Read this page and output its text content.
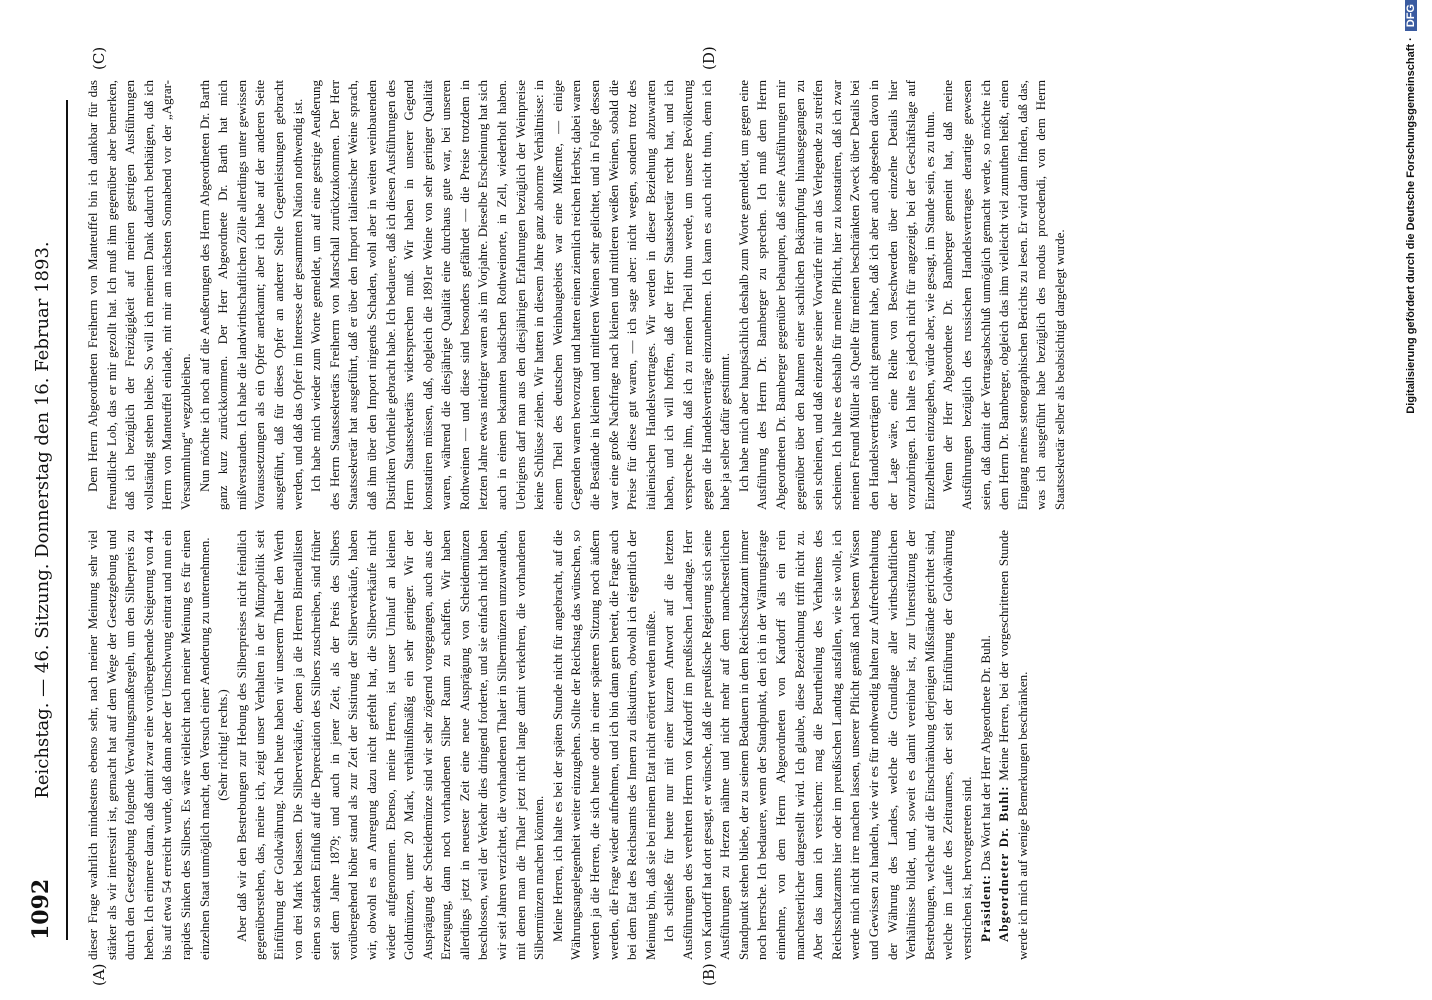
1092
Reichstag. — 46. Sitzung. Donnerstag den 16. Februar 1893.
(A)	(B)
(C)	(D)

dieser Frage wahrlich mindestens ebenso sehr, nach meiner Meinung sehr viel stärker als wir interessirt ist, gemacht hat auf dem Wege der Gesetzgebung und durch den Gesetzgebung folgende Verwaltungsmaßregeln, um den Silberpreis zu heben. Ich erinnere daran, daß damit zwar eine vorübergehende Steigerung von 44 bis auf etwa 54 erreicht wurde, daß dann aber der Umschwung eintrat und nun ein rapides Sinken des Silbers. Es wäre vielleicht nach meiner Meinung es für einen einzelnen Staat unmöglich macht, den Versuch einer Aenderung zu unternehmen. (Sehr richtig! rechts.) Aber daß wir den Bestrebungen zur Hebung des Silberpreises nicht feindlich gegenüberstehen, das, meine ich, zeigt unser Verhalten in der Münzpolitik seit Einführung der Goldwährung. Nach heute haben wir unserem Thaler den Werth von drei Mark belassen. Die Silberverkäufe, denen ja die Herren Bimetallisten einen so starken Einfluß auf die Depreciation des Silbers zuschreiben, sind früher seit dem Jahre 1879; und auch in jener Zeit, als der Preis des Silbers vorübergehend höher stand als zur Zeit der Sistirung der Silberverkäufe, haben wir, obwohl es an Anregung dazu nicht gefehlt hat, die Silberverkäufe nicht wieder aufgenommen. Ebenso, meine Herren, ist unser Umlauf an kleinen Goldmünzen, unter 20 Mark, verhältnißmäßig ein sehr geringer. Wir der Ausprägung der Scheidemünze sind wir sehr zögernd vorgegangen, auch aus der Erzeugung, dann noch vorhandenen Silber Raum zu schaffen. Wir haben allerdings jetzt in neuester Zeit eine neue Ausprägung von Scheidemünzen beschlossen, weil der Verkehr dies dringend forderte, und sie einfach nicht haben wir seit Jahren verzichtet, die vorhandenen Thaler in Silbermünzen umzuwandeln, mit denen man die Thaler jetzt nicht lange damit verkehren, die vorhandenen Silbermünzen machen könnten. Meine Herren, ich halte es bei der späten Stunde nicht für angebracht, auf die Währungsangelegenheit weiter einzugehen. Sollte der Reichstag das wünschen, so werden ja die Herren, die sich heute oder in einer späteren Sitzung noch äußern werden, die Frage wieder aufnehmen, und ich bin dann gern bereit, die Frage auch bei dem Etat des Reichsamts des Innern zu diskutiren, obwohl ich eigentlich der Meinung bin, daß sie bei meinem Etat nicht erörtert werden müßte. Ich schließe für heute nur mit einer kurzen Antwort auf die letzten Ausführungen des verehrten Herrn von Kardorff im preußischen Landtage. Herr von Kardorff hat dort gesagt, er wünsche, daß die preußische Regierung sich seine Ausführungen zu Herzen nähme und nicht mehr auf dem manchesterlichen Standpunkt stehen bliebe, der zu seinem Bedauern in dem Reichsschatzamt immer noch herrsche. Ich bedauere, wenn der Standpunkt, den ich in der Währungsfrage einnehme, von dem Herrn Abgeordneten von Kardorff als ein rein manchesterlicher dargestellt wird. Ich glaube, diese Bezeichnung trifft nicht zu. Aber das kann ich versichern: mag die Beurtheilung des Verhaltens des Reichsschatzamts hier oder im preußischen Landtag ausfallen, wie sie wolle, ich werde mich nicht irre machen lassen, unserer Pflicht gemäß nach bestem Wissen und Gewissen zu handeln, wie wir es für nothwendig halten zur Aufrechterhaltung der Währung des Landes, welche die Grundlage aller wirthschaftlichen Verhältnisse bildet, und, soweit es damit vereinbar ist, zur Unterstützung der Bestrebungen, welche auf die Einschränkung derjenigen Mißstände gerichtet sind, welche im Laufe des Zeitraumes, der seit der Einführung der Goldwährung verstrichen ist, hervorgetreten sind. Präsident: Das Wort hat der Herr Abgeordnete Dr. Buhl. Abgeordneter Dr. Buhl: Meine Herren, bei der vorgeschrittenen Stunde werde ich mich auf wenige Bemerkungen beschränken.

Dem Herrn Abgeordneten Freiherrn von Manteuffel bin ich dankbar für das freundliche Lob, das er mir gezollt hat. Ich muß ihm gegenüber aber bemerken, daß ich bezüglich der Freizügigkeit auf meinen gestrigen Ausführungen vollständig stehen bleibe. So will ich meinem Dank dadurch bethätigen, daß ich Herrn von Manteuffel einlade, mit mir am nächsten Sonnabend vor der „Agrar-Versammlung“ wegzubleiben. Nun möchte ich noch auf die Aeußerungen des Herrn Abgeordneten Dr. Barth ganz kurz zurückkommen. Der Herr Abgeordnete Dr. Barth hat mich mißverstanden. Ich habe die landwirthschaftlichen Zölle allerdings unter gewissen Voraussetzungen als ein Opfer anerkannt; aber ich habe auf der anderen Seite ausgeführt, daß für dieses Opfer an anderer Stelle Gegenleistungen gebracht werden, und daß das Opfer im Interesse der gesammten Nation nothwendig ist. Ich habe mich wieder zum Worte gemeldet, um auf eine gestrige Aeußerung des Herrn Staatssekretärs Freiherrn von Marschall zurückzukommen. Der Herr Staatssekretär hat ausgeführt, daß er über den Import italienischer Weine sprach, daß ihm über den Import nirgends Schaden, wohl aber in weiten weinbauenden Distrikten Vortheile gebracht habe. Ich bedauere, daß ich diesen Ausführungen des Herrn Staatssekretärs widersprechen muß. Wir haben in unserer Gegend konstatiren müssen, daß, obgleich die 1891er Weine von sehr geringer Qualität waren, während die diesjährige Qualität eine durchaus gute war, bei unseren Rothweinen — und diese sind besonders gefährdet — die Preise trotzdem in letzten Jahre etwas niedriger waren als im Vorjahre. Dieselbe Erscheinung hat sich auch in einem bekannten badischen Rothweinorte, in Zell, wiederholt haben. Uebrigens darf man aus den diesjährigen Erfahrungen bezüglich der Weinpreise keine Schlüsse ziehen. Wir hatten in diesem Jahre ganz abnorme Verhältnisse: in einem Theil des deutschen Weinbaugebiets war eine Mißernte, — einige Gegenden waren bevorzugt und hatten einen ziemlich reichen Herbst; dabei waren die Bestände in kleinen und mittleren Weinen sehr gelichtet, und in Folge dessen war eine große Nachfrage nach kleinen und mittleren weißen Weinen, sobald die Preise für diese gut waren, — ich sage aber: nicht wegen, sondern trotz des italienischen Handelsvertrages. Wir werden in dieser Beziehung abzuwarten haben, und ich will hoffen, daß der Herr Staatssekretär recht hat, und ich verspreche ihm, daß ich zu meinen Theil thun werde, um unsere Bevölkerung gegen die Handelsverträge einzunehmen. Ich kann es auch nicht thun, denn ich habe ja selber dafür gestimmt. Ich habe mich aber hauptsächlich deshalb zum Worte gemeldet, um gegen eine Ausführung des Herrn Dr. Bamberger zu sprechen. Ich muß dem Herrn Abgeordneten Dr. Bamberger gegenüber behaupten, daß seine Ausführungen mir gegenüber über den Rahmen einer sachlichen Bekämpfung hinausgegangen zu sein scheinen, und daß einzelne seiner Vorwürfe mir an das Verlegende zu streifen scheinen. Ich halte es deshalb für meine Pflicht, hier zu konstatiren, daß ich zwar meinen Freund Müller als Quelle für meinen beschränkten Zweck über Details bei den Handelsverträgen nicht genannt habe, daß ich aber auch abgesehen davon in der Lage wäre, eine Reihe von Beschwerden über einzelne Details hier vorzubringen. Ich halte es jedoch nicht für angezeigt, bei der Geschäftslage auf Einzelheiten einzugehen, würde aber, wie gesagt, im Stande sein, es zu thun. Wenn der Herr Abgeordnete Dr. Bamberger gemeint hat, daß meine Ausführungen bezüglich des russischen Handelsvertrages derartige gewesen seien, daß damit der Vertragsabschluß unmöglich gemacht werde, so möchte ich dem Herrn Dr. Bamberger, obgleich das ihm vielleicht viel zumuthen heißt, einen Eingang meines stenographischen Berichts zu lesen. Er wird dann finden, daß das, was ich ausgeführt habe bezüglich des modus procedendi, von dem Herrn Staatssekretär selber als beabsichtigt dargelegt wurde.	Digitalisierung gefördert durch die Deutsche Forschungsgemeinschaft ·DFG
